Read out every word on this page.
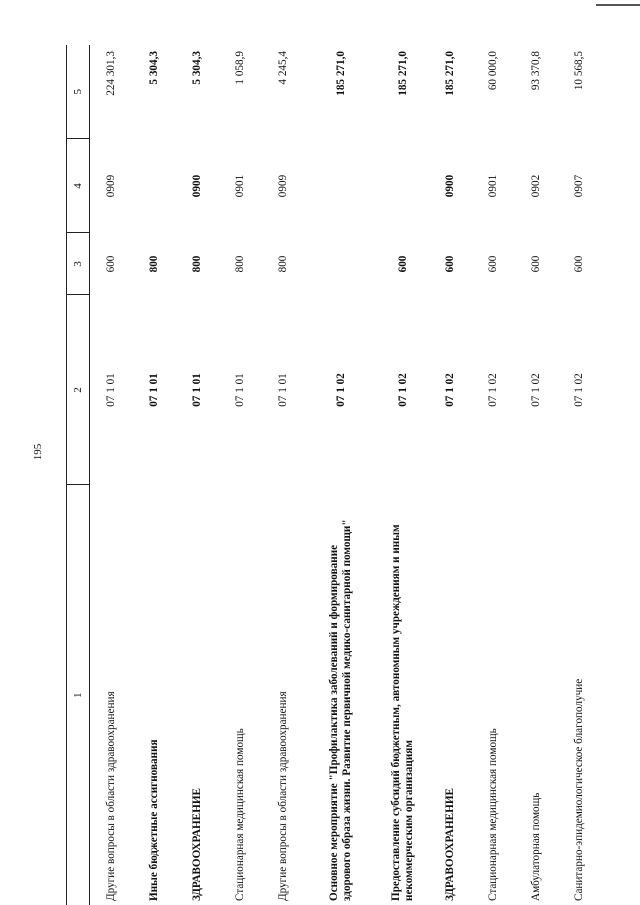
195
1	2	3	4	5
Другие вопросы в области здравоохранения	07 1 01	600	0909	224 301,3
Иные бюджетные ассигнования	07 1 01	800		5 304,3
ЗДРАВООХРАНЕНИЕ	07 1 01	800	0900	5 304,3
Стационарная медицинская помощь	07 1 01	800	0901	1 058,9
Другие вопросы в области здравоохранения	07 1 01	800	0909	4 245,4
Основное мероприятие "Профилактика заболеваний и формирование здорового образа жизни. Развитие первичной медико-санитарной помощи"	07 1 02			185 271,0
Предоставление субсидий бюджетным, автономным учреждениям и иным некоммерческим организациям	07 1 02	600		185 271,0
ЗДРАВООХРАНЕНИЕ	07 1 02	600	0900	185 271,0
Стационарная медицинская помощь	07 1 02	600	0901	60 000,0
Амбулаторная помощь	07 1 02	600	0902	93 370,8
Санитарно-эпидемиологическое благополучие	07 1 02	600	0907	10 568,5
